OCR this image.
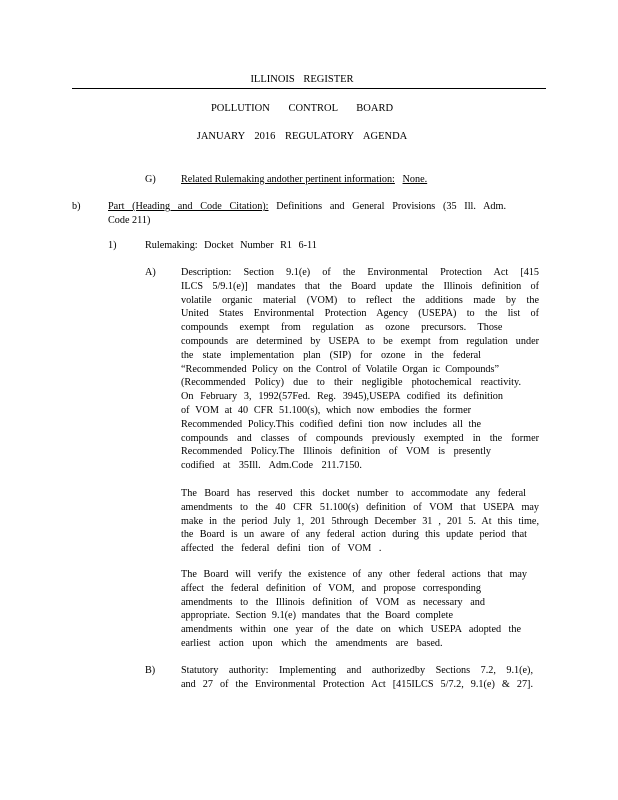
ILLINOIS REGISTER
POLLUTION CONTROL BOARD
JANUARY 2016 REGULATORY AGENDA
G) Related Rulemaking andother pertinent information: None.
b)	Part (Heading and Code Citation): Definitions and General Provisions (35 Ill. Adm.
Code 211)
1)	Rulemaking: Docket Number R1 6-11
A) Description: Section 9.1(e) of the Environmental Protection Act [415
ILCS 5/9.1(e)] mandates that the Board update the Illinois definition of
volatile organic material (VOM) to reflect the additions made by the
United States Environmental Protection Agency (USEPA) to the list of
compounds exempt from regulation as ozone precursors. Those
compounds are determined by USEPA to be exempt from regulation under
the state implementation plan (SIP) for ozone in the federal
“Recommended Policy on the Control of Volatile Organ ic Compounds”
(Recommended Policy) due to their negligible photochemical reactivity.
On February 3, 1992(57Fed. Reg. 3945),USEPA codified its definition
of VOM at 40 CFR 51.100(s), which now embodies the former
Recommended Policy.This codified defini tion now includes all the
compounds and classes of compounds previously exempted in the former
Recommended Policy.The Illinois definition of VOM is presently
codified at 35Ill. Adm.Code 211.7150.
The Board has reserved this docket number to accommodate any federal
amendments to the 40 CFR 51.100(s) definition of VOM that USEPA may
make in the period July 1, 201 5through December 31 , 201 5. At this time,
the Board is un aware of any federal action during this update period that
affected the federal defini tion of VOM .
The Board will verify the existence of any other federal actions that may
affect the federal definition of VOM, and propose corresponding
amendments to the Illinois definition of VOM as necessary and
appropriate. Section 9.1(e) mandates that the Board complete
amendments within one year of the date on which USEPA adopted the
earliest action upon which the amendments are based.
B)	Statutory authority: Implementing and authorizedby Sections 7.2, 9.1(e),
and 27 of the Environmental Protection Act [415ILCS 5/7.2, 9.1(e) & 27].
